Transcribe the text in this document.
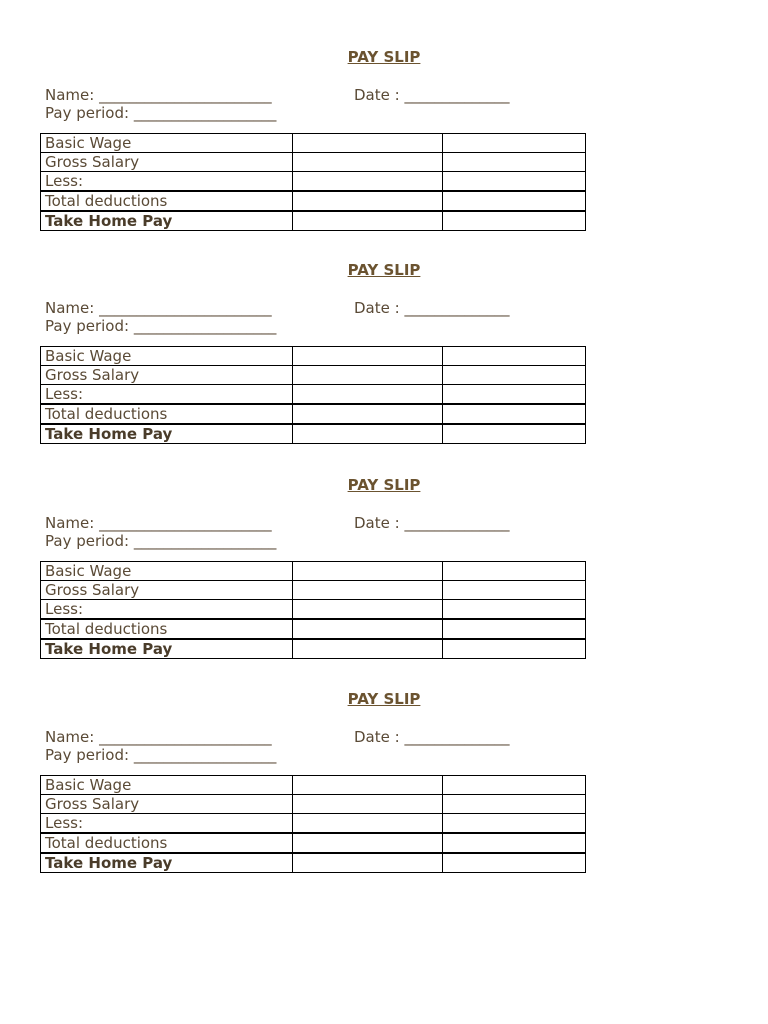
PAY SLIP
Name: _______________________	Date : ______________
Pay period: ___________________
Basic Wage		
Gross Salary		
Less:		
Total deductions		
Take Home Pay		
PAY SLIP
Name: _______________________	Date : ______________
Pay period: ___________________
Basic Wage		
Gross Salary		
Less:		
Total deductions		
Take Home Pay		
PAY SLIP
Name: _______________________	Date : ______________
Pay period: ___________________
Basic Wage		
Gross Salary		
Less:		
Total deductions		
Take Home Pay		
PAY SLIP
Name: _______________________	Date : ______________
Pay period: ___________________
Basic Wage		
Gross Salary		
Less:		
Total deductions		
Take Home Pay		
